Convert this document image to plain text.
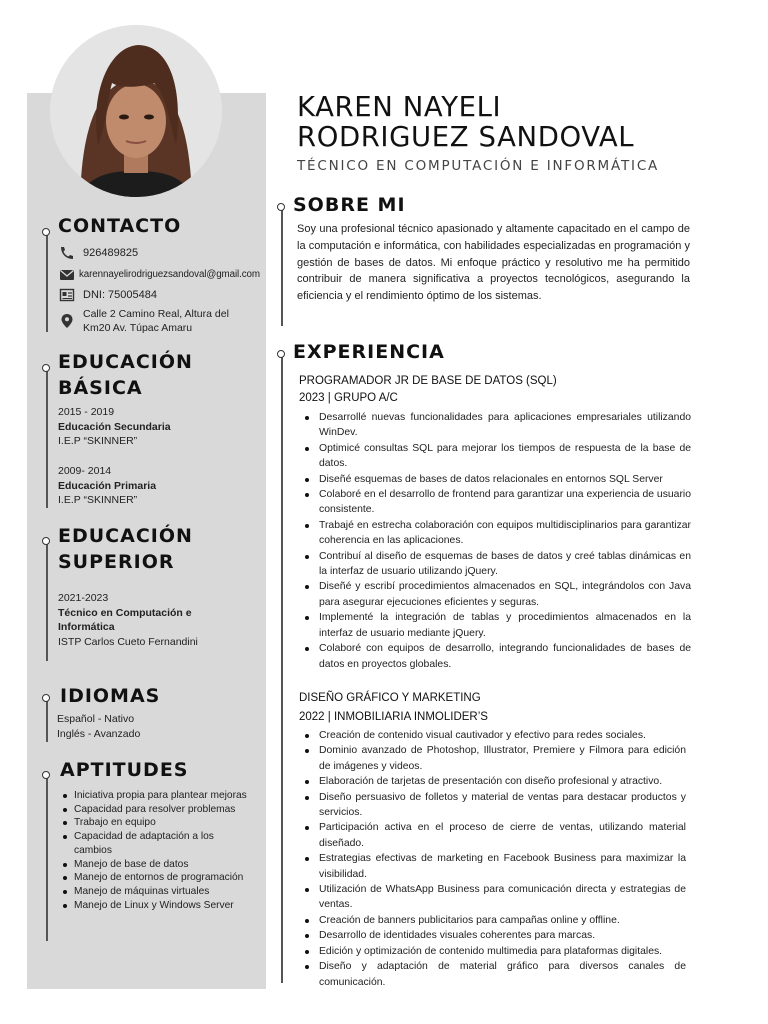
KAREN NAYELI
RODRIGUEZ SANDOVAL
TÉCNICO EN COMPUTACIÓN E INFORMÁTICA
CONTACTO
926489825
karennayelirodriguezsandoval@gmail.com
DNI: 75005484
Calle 2 Camino Real, Altura del
Km20 Av. Túpac Amaru
EDUCACIÓN
BÁSICA
2015 - 2019
Educación Secundaria
I.E.P “SKINNER”
2009- 2014
Educación Primaria
I.E.P “SKINNER”
EDUCACIÓN
SUPERIOR
2021-2023
Técnico en Computación e
Informática
ISTP Carlos Cueto Fernandini
IDIOMAS
Español - Nativo
Inglés - Avanzado
APTITUDES
Iniciativa propia para plantear mejoras
Capacidad para resolver problemas
Trabajo en equipo
Capacidad de adaptación a los cambios
Manejo de base de datos
Manejo de entornos de programación
Manejo de máquinas virtuales
Manejo de Linux y Windows Server
SOBRE MI
Soy una profesional técnico apasionado y altamente capacitado en el campo de la computación e informática, con habilidades especializadas en programación y gestión de bases de datos. Mi enfoque práctico y resolutivo me ha permitido contribuir de manera significativa a proyectos tecnológicos, asegurando la eficiencia y el rendimiento óptimo de los sistemas.
EXPERIENCIA
PROGRAMADOR JR DE BASE DE DATOS (SQL)
2023 | GRUPO A/C
Desarrollé nuevas funcionalidades para aplicaciones empresariales utilizando WinDev.
Optimicé consultas SQL para mejorar los tiempos de respuesta de la base de datos.
Diseñé esquemas de bases de datos relacionales en entornos SQL Server
Colaboré en el desarrollo de frontend para garantizar una experiencia de usuario consistente.
Trabajé en estrecha colaboración con equipos multidisciplinarios para garantizar coherencia en las aplicaciones.
Contribuí al diseño de esquemas de bases de datos y creé tablas dinámicas en la interfaz de usuario utilizando jQuery.
Diseñé y escribí procedimientos almacenados en SQL, integrándolos con Java para asegurar ejecuciones eficientes y seguras.
Implementé la integración de tablas y procedimientos almacenados en la interfaz de usuario mediante jQuery.
Colaboré con equipos de desarrollo, integrando funcionalidades de bases de datos en proyectos globales.
DISEÑO GRÁFICO Y MARKETING
2022 | INMOBILIARIA INMOLIDER’S
Creación de contenido visual cautivador y efectivo para redes sociales.
Dominio avanzado de Photoshop, Illustrator, Premiere y Filmora para edición de imágenes y videos.
Elaboración de tarjetas de presentación con diseño profesional y atractivo.
Diseño persuasivo de folletos y material de ventas para destacar productos y servicios.
Participación activa en el proceso de cierre de ventas, utilizando material diseñado.
Estrategias efectivas de marketing en Facebook Business para maximizar la visibilidad.
Utilización de WhatsApp Business para comunicación directa y estrategias de ventas.
Creación de banners publicitarios para campañas online y offline.
Desarrollo de identidades visuales coherentes para marcas.
Edición y optimización de contenido multimedia para plataformas digitales.
Diseño y adaptación de material gráfico para diversos canales de comunicación.
